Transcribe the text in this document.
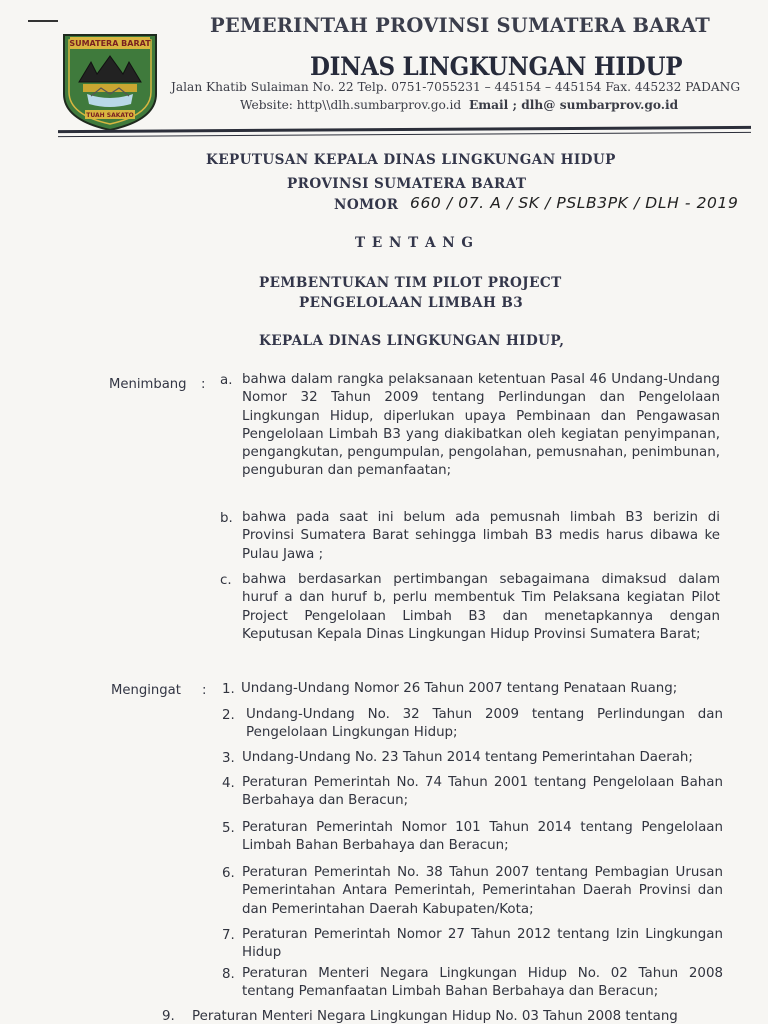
SUMATERA BARAT
TUAH SAKATO
PEMERINTAH PROVINSI SUMATERA BARAT
DINAS LINGKUNGAN HIDUP
Jalan Khatib Sulaiman No. 22 Telp. 0751-7055231 – 445154 – 445154 Fax. 445232 PADANG
Website: http\\dlh.sumbarprov.go.id Email ; dlh@ sumbarprov.go.id
KEPUTUSAN KEPALA DINAS LINGKUNGAN HIDUP
PROVINSI SUMATERA BARAT
NOMOR 660 / 07. A / SK / PSLB3PK / DLH - 2019
T E N T A N G
PEMBENTUKAN TIM PILOT PROJECT
PENGELOLAAN LIMBAH B3
KEPALA DINAS LINGKUNGAN HIDUP,
Menimbang : a. bahwa dalam rangka pelaksanaan ketentuan Pasal 46 Undang-Undang Nomor 32 Tahun 2009 tentang Perlindungan dan Pengelolaan Lingkungan Hidup, diperlukan upaya Pembinaan dan Pengawasan Pengelolaan Limbah B3 yang diakibatkan oleh kegiatan penyimpanan, pengangkutan, pengumpulan, pengolahan, pemusnahan, penimbunan, penguburan dan pemanfaatan;
b. bahwa pada saat ini belum ada pemusnah limbah B3 berizin di Provinsi Sumatera Barat sehingga limbah B3 medis harus dibawa ke Pulau Jawa ;
c. bahwa berdasarkan pertimbangan sebagaimana dimaksud dalam huruf a dan huruf b, perlu membentuk Tim Pelaksana kegiatan Pilot Project Pengelolaan Limbah B3 dan menetapkannya dengan Keputusan Kepala Dinas Lingkungan Hidup Provinsi Sumatera Barat;
Mengingat : 1. Undang-Undang Nomor 26 Tahun 2007 tentang Penataan Ruang;
2. Undang-Undang No. 32 Tahun 2009 tentang Perlindungan dan Pengelolaan Lingkungan Hidup;
3. Undang-Undang No. 23 Tahun 2014 tentang Pemerintahan Daerah;
4. Peraturan Pemerintah No. 74 Tahun 2001 tentang Pengelolaan Bahan Berbahaya dan Beracun;
5. Peraturan Pemerintah Nomor 101 Tahun 2014 tentang Pengelolaan Limbah Bahan Berbahaya dan Beracun;
6. Peraturan Pemerintah No. 38 Tahun 2007 tentang Pembagian Urusan Pemerintahan Antara Pemerintah, Pemerintahan Daerah Provinsi dan dan Pemerintahan Daerah Kabupaten/Kota;
7. Peraturan Pemerintah Nomor 27 Tahun 2012 tentang Izin Lingkungan Hidup
8. Peraturan Menteri Negara Lingkungan Hidup No. 02 Tahun 2008 tentang Pemanfaatan Limbah Bahan Berbahaya dan Beracun;
9. Peraturan Menteri Negara Lingkungan Hidup No. 03 Tahun 2008 tentang
